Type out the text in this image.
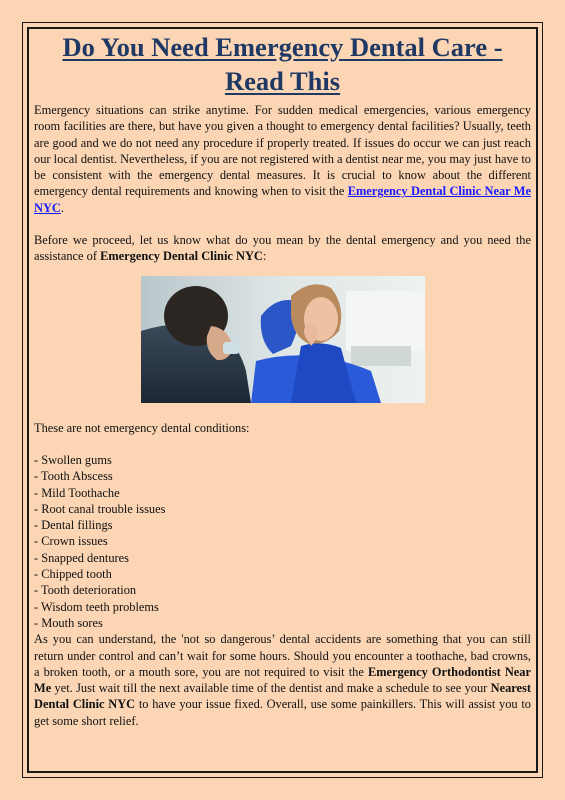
Do You Need Emergency Dental Care - Read This

Emergency situations can strike anytime. For sudden medical emergencies, various emergency room facilities are there, but have you given a thought to emergency dental facilities? Usually, teeth are good and we do not need any procedure if properly treated. If issues do occur we can just reach our local dentist. Nevertheless, if you are not registered with a dentist near me, you may just have to be consistent with the emergency dental measures. It is crucial to know about the different emergency dental requirements and knowing when to visit the Emergency Dental Clinic Near Me NYC.

Before we proceed, let us know what do you mean by the dental emergency and you need the assistance of Emergency Dental Clinic NYC:

These are not emergency dental conditions:

- Swollen gums
- Tooth Abscess
- Mild Toothache
- Root canal trouble issues
- Dental fillings
- Crown issues
- Snapped dentures
- Chipped tooth
- Tooth deterioration
- Wisdom teeth problems
- Mouth sores

As you can understand, the 'not so dangerous’ dental accidents are something that you can still return under control and can’t wait for some hours. Should you encounter a toothache, bad crowns, a broken tooth, or a mouth sore, you are not required to visit the Emergency Orthodontist Near Me yet. Just wait till the next available time of the dentist and make a schedule to see your Nearest Dental Clinic NYC to have your issue fixed. Overall, use some painkillers. This will assist you to get some short relief.
